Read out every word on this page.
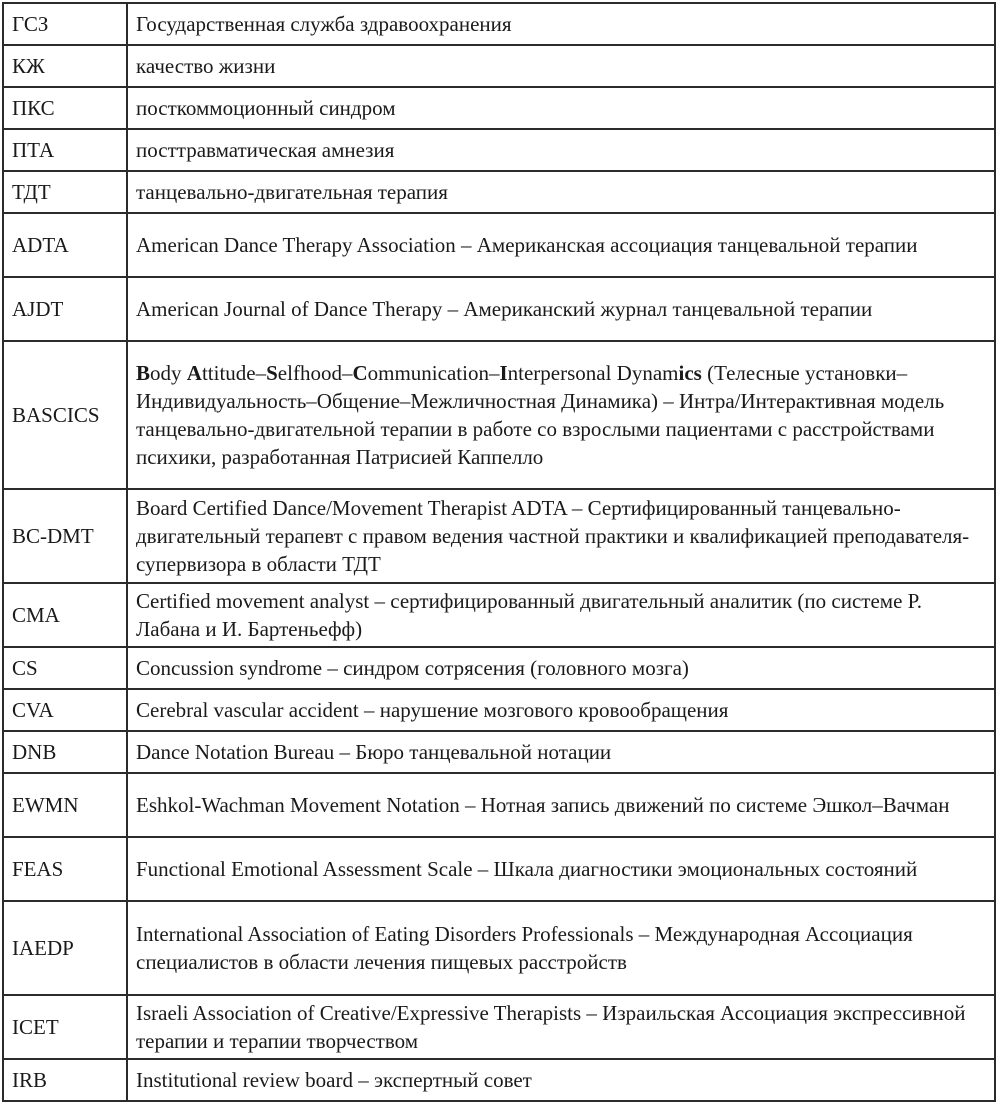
ГСЗ	Государственная служба здравоохранения
КЖ	качество жизни
ПКС	посткоммоционный синдром
ПТА	посттравматическая амнезия
ТДТ	танцевально-двигательная терапия
ADTA	American Dance Therapy Association – Американская ассоциация танцевальной терапии
AJDT	American Journal of Dance Therapy – Американский журнал танцевальной терапии
BASCICS	Body Attitude–Selfhood–Communication–Interpersonal Dynamics (Телесные установки–Индивидуальность–Общение–Межличностная Динамика) – Интра/Интерактивная модель танцевально-двигательной терапии в работе со взрослыми пациентами с расстройствами психики, разработанная Патрисией Каппелло
BC-DMT	Board Certified Dance/Movement Therapist ADTA – Сертифицированный танцевально-двигательный терапевт с правом ведения частной практики и квалификацией преподавателя-супервизора в области ТДТ
CMA	Certified movement analyst – сертифицированный двигательный аналитик (по системе Р. Лабана и И. Бартеньефф)
CS	Concussion syndrome – синдром сотрясения (головного мозга)
CVA	Cerebral vascular accident – нарушение мозгового кровообращения
DNB	Dance Notation Bureau – Бюро танцевальной нотации
EWMN	Eshkol-Wachman Movement Notation – Нотная запись движений по системе Эшкол–Вачман
FEAS	Functional Emotional Assessment Scale – Шкала диагностики эмоциональных состояний
IAEDP	International Association of Eating Disorders Professionals – Международная Ассоциация специалистов в области лечения пищевых расстройств
ICET	Israeli Association of Creative/Expressive Therapists – Израильская Ассоциация экспрессивной терапии и терапии творчеством
IRB	Institutional review board – экспертный совет
